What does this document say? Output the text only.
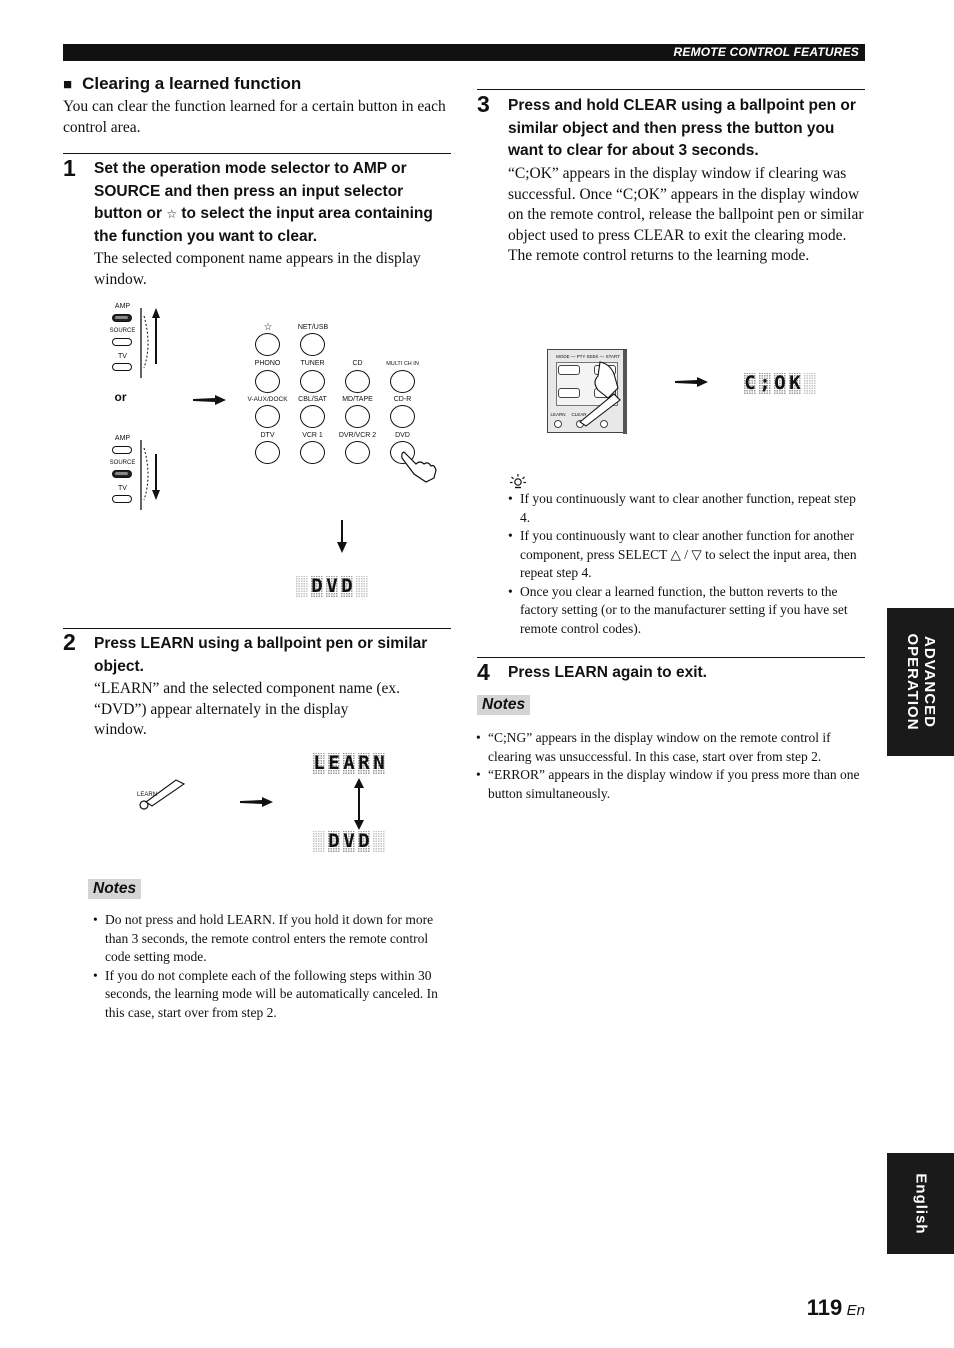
REMOTE CONTROL FEATURES
■ Clearing a learned function
You can clear the function learned for a certain button in each control area.
1 Set the operation mode selector to AMP or SOURCE and then press an input selector button or ☆ to select the input area containing the function you want to clear.
The selected component name appears in the display window.
AMP
SOURCE
TV
or
AMP
SOURCE
TV
☆	NET/USB
PHONO	TUNER	CD	MULTI CH IN
V-AUX/DOCK	CBL/SAT	MD/TAPE	CD-R
DTV	VCR 1	DVR/VCR 2	DVD
D V D
2 Press LEARN using a ballpoint pen or similar object.
“LEARN” and the selected component name (ex. “DVD”) appear alternately in the display window.
LEARN
L E A R N
D V D
Notes
• Do not press and hold LEARN. If you hold it down for more than 3 seconds, the remote control enters the remote control code setting mode.
• If you do not complete each of the following steps within 30 seconds, the learning mode will be automatically canceled. In this case, start over from step 2.
3 Press and hold CLEAR using a ballpoint pen or similar object and then press the button you want to clear for about 3 seconds.
“C;OK” appears in the display window if clearing was successful. Once “C;OK” appears in the display window on the remote control, release the ballpoint pen or similar object used to press CLEAR to exit the clearing mode. The remote control returns to the learning mode.
MODE — PTY SEEK — START
LEARN	CLEAR
C ; O K
• If you continuously want to clear another function, repeat step 4.
• If you continuously want to clear another function for another component, press SELECT △ / ▽ to select the input area, then repeat step 4.
• Once you clear a learned function, the button reverts to the factory setting (or to the manufacturer setting if you have set remote control codes).
4 Press LEARN again to exit.
Notes
• “C;NG” appears in the display window on the remote control if clearing was unsuccessful. In this case, start over from step 2.
• “ERROR” appears in the display window if you press more than one button simultaneously.
ADVANCED OPERATION
English
119 En
